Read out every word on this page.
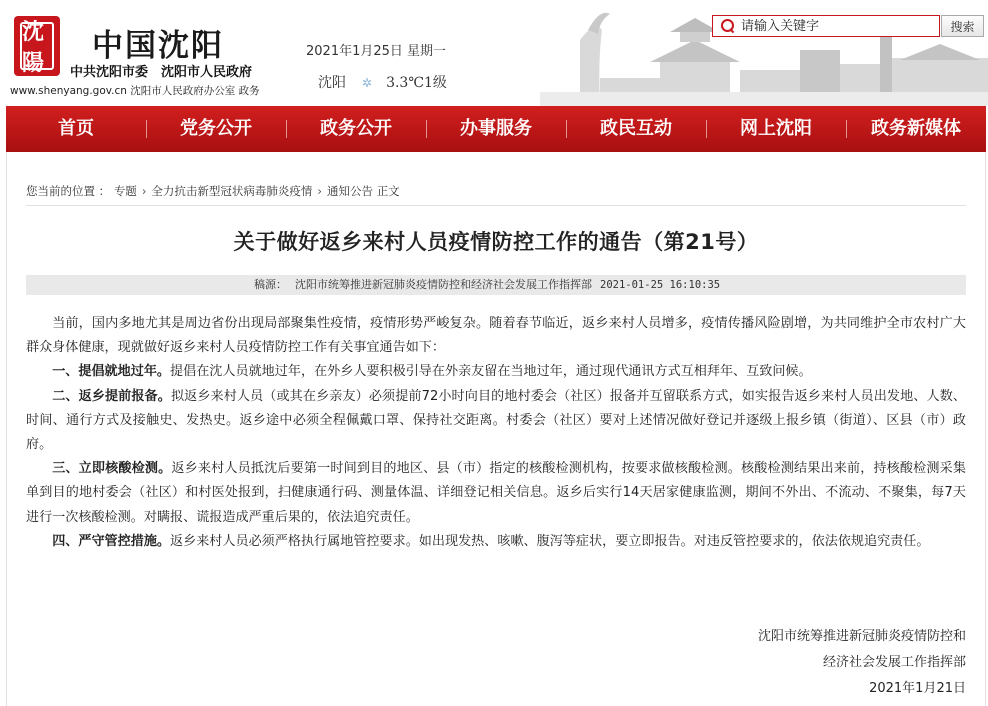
沈陽	中国沈阳
中共沈阳市委　沈阳市人民政府
www.shenyang.gov.cn 沈阳市人民政府办公室 政务
2021年1月25日 星期一
沈阳 ✲ 3.3℃1级
请输入关键字
搜索
首页	党务公开	政务公开	办事服务	政民互动	网上沈阳	政务新媒体
您当前的位置 ： 专题 › 全力抗击新型冠状病毒肺炎疫情 › 通知公告 正文
关于做好返乡来村人员疫情防控工作的通告（第21号）
稿源： 沈阳市统筹推进新冠肺炎疫情防控和经济社会发展工作指挥部 2021-01-25 16:10:35

当前，国内多地尤其是周边省份出现局部聚集性疫情，疫情形势严峻复杂。随着春节临近，返乡来村人员增多，疫情传播风险剧增，为共同维护全市农村广大群众身体健康，现就做好返乡来村人员疫情防控工作有关事宜通告如下：

一、提倡就地过年。提倡在沈人员就地过年，在外乡人要积极引导在外亲友留在当地过年，通过现代通讯方式互相拜年、互致问候。

二、返乡提前报备。拟返乡来村人员（或其在乡亲友）必须提前72小时向目的地村委会（社区）报备并互留联系方式，如实报告返乡来村人员出发地、人数、时间、通行方式及接触史、发热史。返乡途中必须全程佩戴口罩、保持社交距离。村委会（社区）要对上述情况做好登记并逐级上报乡镇（街道）、区县（市）政府。

三、立即核酸检测。返乡来村人员抵沈后要第一时间到目的地区、县（市）指定的核酸检测机构，按要求做核酸检测。核酸检测结果出来前，持核酸检测采集单到目的地村委会（社区）和村医处报到，扫健康通行码、测量体温、详细登记相关信息。返乡后实行14天居家健康监测，期间不外出、不流动、不聚集，每7天进行一次核酸检测。对瞒报、谎报造成严重后果的，依法追究责任。

四、严守管控措施。返乡来村人员必须严格执行属地管控要求。如出现发热、咳嗽、腹泻等症状，要立即报告。对违反管控要求的，依法依规追究责任。

沈阳市统筹推进新冠肺炎疫情防控和
经济社会发展工作指挥部
2021年1月21日
